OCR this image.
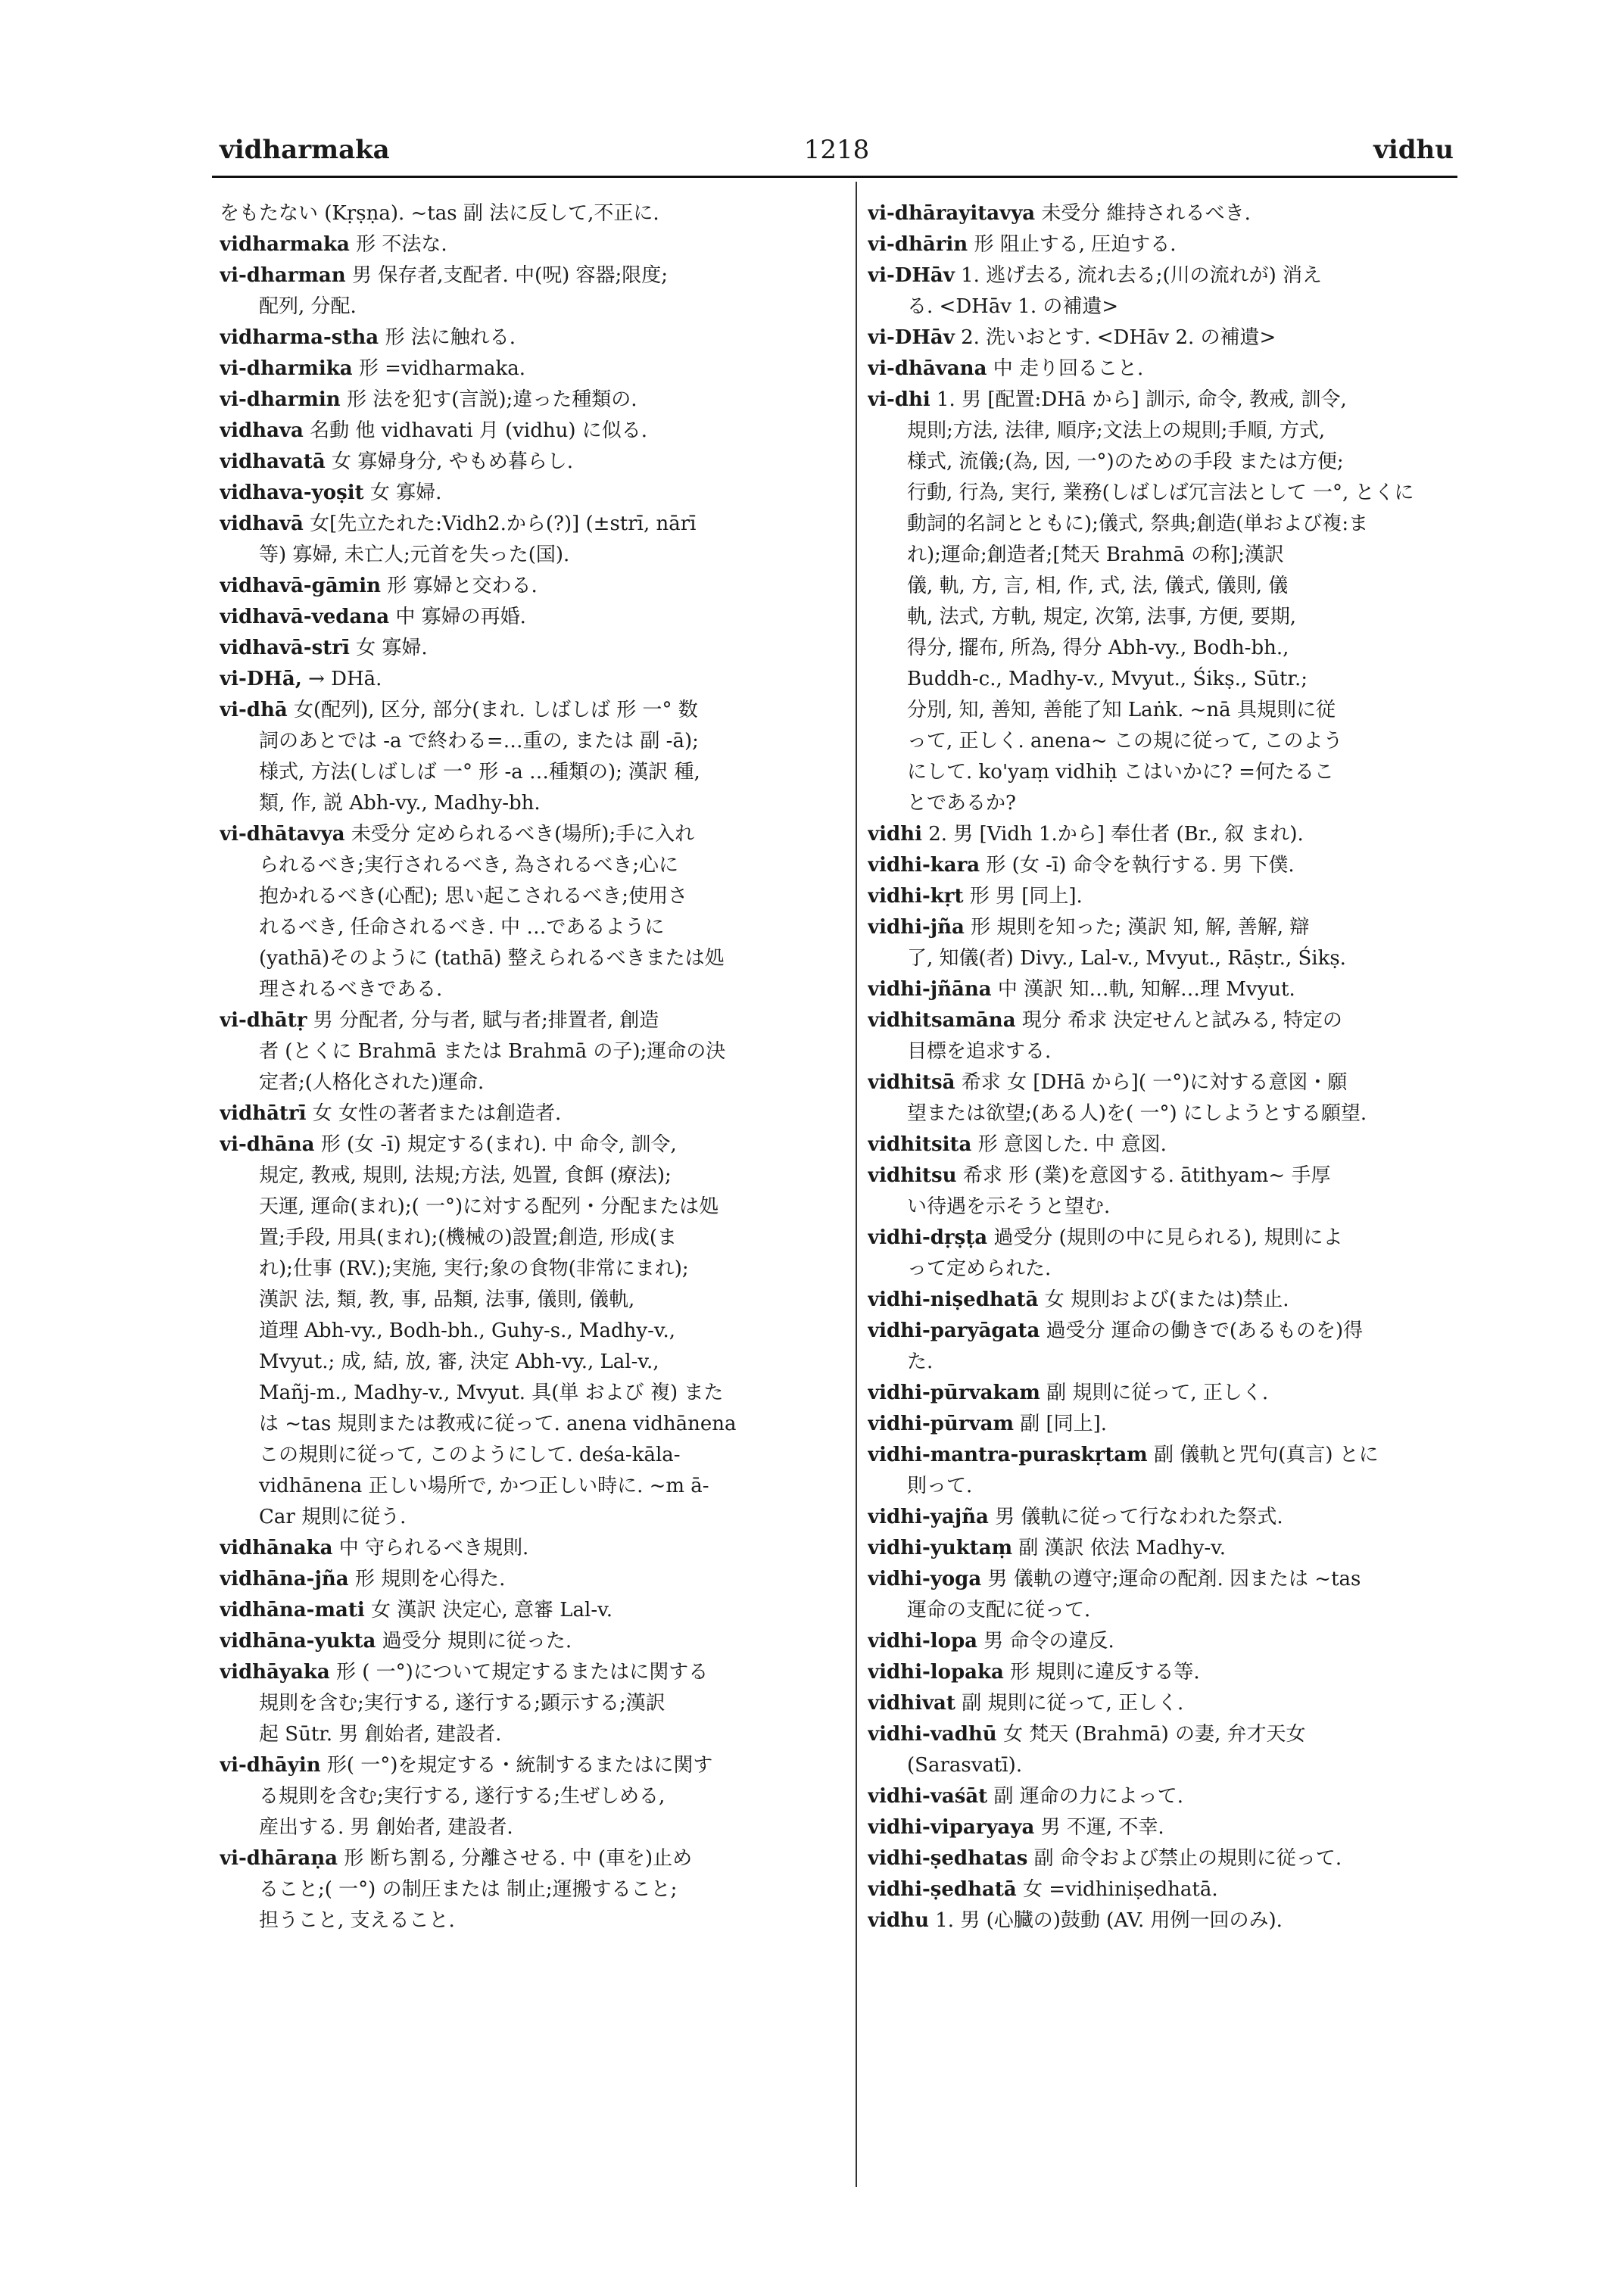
vidharmaka	1218	vidhu
をもたない (Kṛṣṇa). ~tas 副 法に反して,不正に.
vidharmaka 形 不法な.
vi-dharman 男 保存者,支配者. 中(呪) 容器;限度;
配列, 分配.
vidharma-stha 形 法に触れる.
vi-dharmika 形 =vidharmaka.
vi-dharmin 形 法を犯す(言説);違った種類の.
vidhava 名動 他 vidhavati 月 (vidhu) に似る.
vidhavatā 女 寡婦身分, やもめ暮らし.
vidhava-yoṣit 女 寡婦.
vidhavā 女[先立たれた:Vidh2.から(?)] (±strī, nārī
等) 寡婦, 未亡人;元首を失った(国).
vidhavā-gāmin 形 寡婦と交わる.
vidhavā-vedana 中 寡婦の再婚.
vidhavā-strī 女 寡婦.
vi-DHā, → DHā.
vi-dhā 女(配列), 区分, 部分(まれ. しばしば 形 一° 数
詞のあとでは -a で終わる=…重の, または 副 -ā);
様式, 方法(しばしば 一° 形 -a …種類の); 漢訳 種,
類, 作, 説 Abh-vy., Madhy-bh.
vi-dhātavya 未受分 定められるべき(場所);手に入れ
られるべき;実行されるべき, 為されるべき;心に
抱かれるべき(心配); 思い起こされるべき;使用さ
れるべき, 任命されるべき. 中 …であるように
(yathā)そのように (tathā) 整えられるべきまたは処
理されるべきである.
vi-dhātṛ 男 分配者, 分与者, 賦与者;排置者, 創造
者 (とくに Brahmā または Brahmā の子);運命の決
定者;(人格化された)運命.
vidhātrī 女 女性の著者または創造者.
vi-dhāna 形 (女 -ī) 規定する(まれ). 中 命令, 訓令,
規定, 教戒, 規則, 法規;方法, 処置, 食餌 (療法);
天運, 運命(まれ);( 一°)に対する配列・分配または処
置;手段, 用具(まれ);(機械の)設置;創造, 形成(ま
れ);仕事 (RV.);実施, 実行;象の食物(非常にまれ);
漢訳 法, 類, 教, 事, 品類, 法事, 儀則, 儀軌,
道理 Abh-vy., Bodh-bh., Guhy-s., Madhy-v.,
Mvyut.; 成, 結, 放, 審, 決定 Abh-vy., Lal-v.,
Mañj-m., Madhy-v., Mvyut. 具(単 および 複) また
は ~tas 規則または教戒に従って. anena vidhānena
この規則に従って, このようにして. deśa-kāla-
vidhānena 正しい場所で, かつ正しい時に. ~m ā-
Car 規則に従う.
vidhānaka 中 守られるべき規則.
vidhāna-jña 形 規則を心得た.
vidhāna-mati 女 漢訳 決定心, 意審 Lal-v.
vidhāna-yukta 過受分 規則に従った.
vidhāyaka 形 ( 一°)について規定するまたはに関する
規則を含む;実行する, 遂行する;顕示する;漢訳
起 Sūtr. 男 創始者, 建設者.
vi-dhāyin 形( 一°)を規定する・統制するまたはに関す
る規則を含む;実行する, 遂行する;生ぜしめる,
産出する. 男 創始者, 建設者.
vi-dhāraṇa 形 断ち割る, 分離させる. 中 (車を)止め
ること;( 一°) の制圧または 制止;運搬すること;
担うこと, 支えること.
vi-dhārayitavya 未受分 維持されるべき.
vi-dhārin 形 阻止する, 圧迫する.
vi-DHāv 1. 逃げ去る, 流れ去る;(川の流れが) 消え
る. <DHāv 1. の補遺>
vi-DHāv 2. 洗いおとす. <DHāv 2. の補遺>
vi-dhāvana 中 走り回ること.
vi-dhi 1. 男 [配置:DHā から] 訓示, 命令, 教戒, 訓令,
規則;方法, 法律, 順序;文法上の規則;手順, 方式,
様式, 流儀;(為, 因, 一°)のための手段 または方便;
行動, 行為, 実行, 業務(しばしば冗言法として 一°, とくに
動詞的名詞とともに);儀式, 祭典;創造(単および複:ま
れ);運命;創造者;[梵天 Brahmā の称];漢訳
儀, 軌, 方, 言, 相, 作, 式, 法, 儀式, 儀則, 儀
軌, 法式, 方軌, 規定, 次第, 法事, 方便, 要期,
得分, 擺布, 所為, 得分 Abh-vy., Bodh-bh.,
Buddh-c., Madhy-v., Mvyut., Śikṣ., Sūtr.;
分別, 知, 善知, 善能了知 Laṅk. ~nā 具規則に従
って, 正しく. anena~ この規に従って, このよう
にして. ko'yaṃ vidhiḥ こはいかに? =何たるこ
とであるか?
vidhi 2. 男 [Vidh 1.から] 奉仕者 (Br., 叙 まれ).
vidhi-kara 形 (女 -ī) 命令を執行する. 男 下僕.
vidhi-kṛt 形 男 [同上].
vidhi-jña 形 規則を知った; 漢訳 知, 解, 善解, 辯
了, 知儀(者) Divy., Lal-v., Mvyut., Rāṣtr., Śikṣ.
vidhi-jñāna 中 漢訳 知…軌, 知解…理 Mvyut.
vidhitsamāna 現分 希求 決定せんと試みる, 特定の
目標を追求する.
vidhitsā 希求 女 [DHā から]( 一°)に対する意図・願
望または欲望;(ある人)を( 一°) にしようとする願望.
vidhitsita 形 意図した. 中 意図.
vidhitsu 希求 形 (業)を意図する. ātithyam~ 手厚
い待遇を示そうと望む.
vidhi-dṛṣṭa 過受分 (規則の中に見られる), 規則によ
って定められた.
vidhi-niṣedhatā 女 規則および(または)禁止.
vidhi-paryāgata 過受分 運命の働きで(あるものを)得
た.
vidhi-pūrvakam 副 規則に従って, 正しく.
vidhi-pūrvam 副 [同上].
vidhi-mantra-puraskṛtam 副 儀軌と咒句(真言) とに
則って.
vidhi-yajña 男 儀軌に従って行なわれた祭式.
vidhi-yuktaṃ 副 漢訳 依法 Madhy-v.
vidhi-yoga 男 儀軌の遵守;運命の配剤. 因または ~tas
運命の支配に従って.
vidhi-lopa 男 命令の違反.
vidhi-lopaka 形 規則に違反する等.
vidhivat 副 規則に従って, 正しく.
vidhi-vadhū 女 梵天 (Brahmā) の妻, 弁才天女
(Sarasvatī).
vidhi-vaśāt 副 運命の力によって.
vidhi-viparyaya 男 不運, 不幸.
vidhi-ṣedhatas 副 命令および禁止の規則に従って.
vidhi-ṣedhatā 女 =vidhiniṣedhatā.
vidhu 1. 男 (心臓の)鼓動 (AV. 用例一回のみ).
